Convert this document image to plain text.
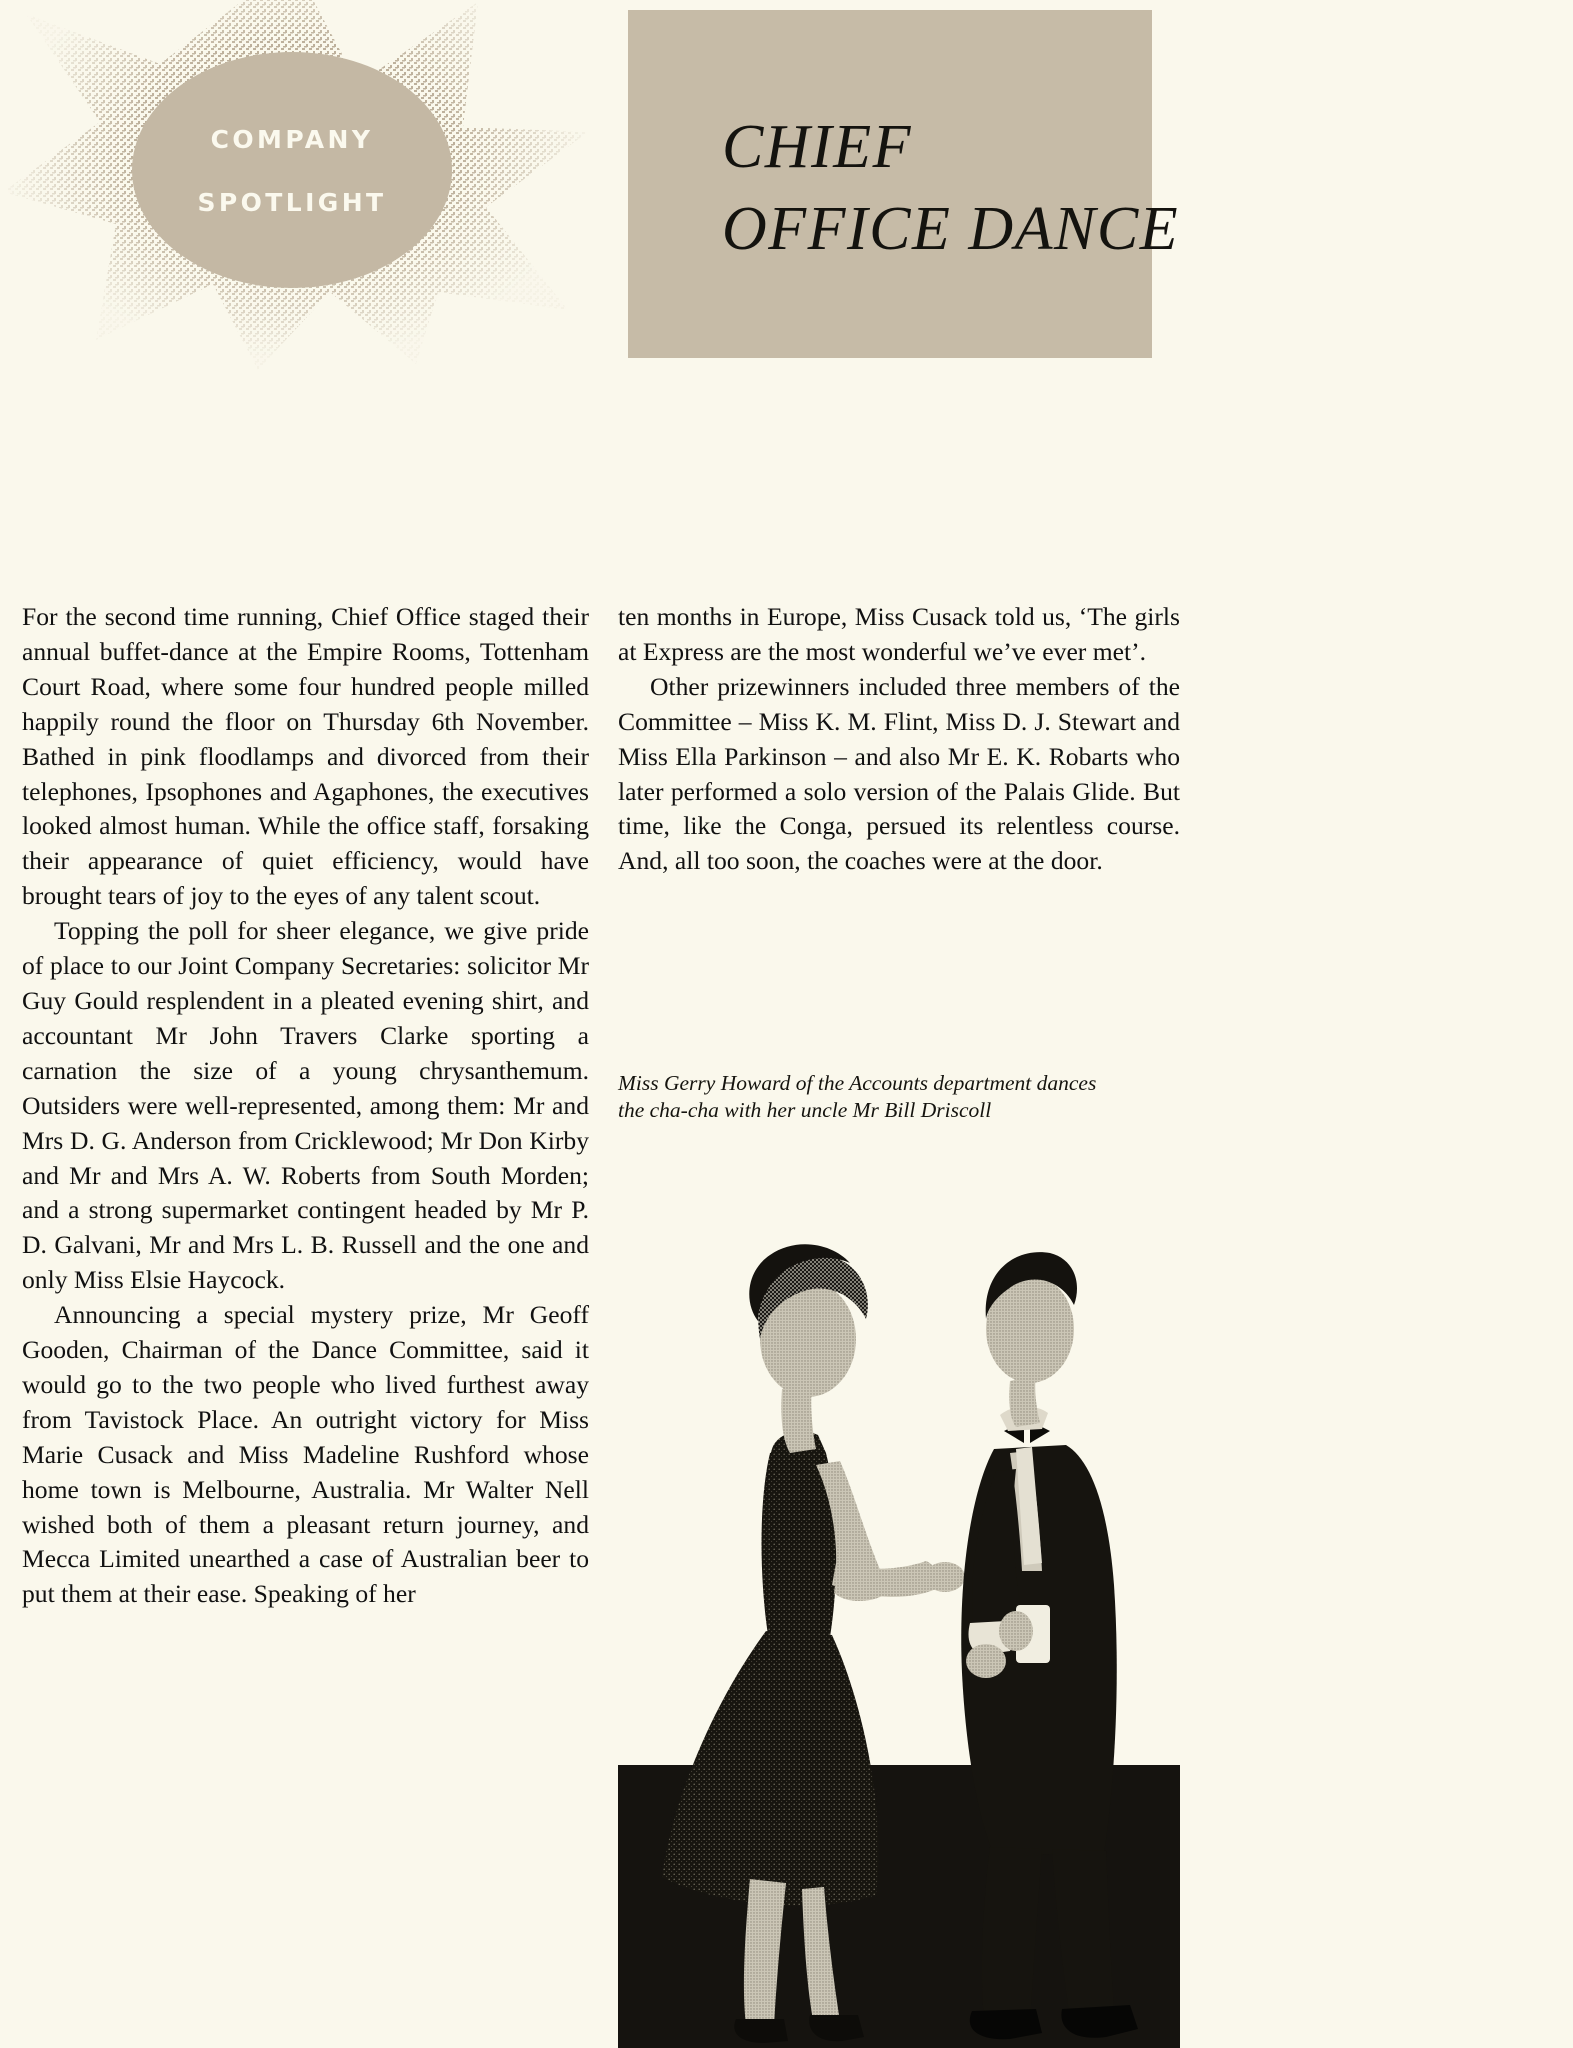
COMPANY
SPOTLIGHT
CHIEF
OFFICE DANCE

For the second time running, Chief Office staged their annual buffet-dance at the Empire Rooms, Tottenham Court Road, where some four hundred people milled happily round the floor on Thursday 6th November. Bathed in pink floodlamps and divorced from their telephones, Ipsophones and Agaphones, the executives looked almost human. While the office staff, forsaking their appearance of quiet efficiency, would have brought tears of joy to the eyes of any talent scout.

Topping the poll for sheer elegance, we give pride of place to our Joint Company Secretaries: solicitor Mr Guy Gould resplendent in a pleated evening shirt, and accountant Mr John Travers Clarke sporting a carnation the size of a young chrysanthemum. Outsiders were well-represented, among them: Mr and Mrs D. G. Anderson from Cricklewood; Mr Don Kirby and Mr and Mrs A. W. Roberts from South Morden; and a strong supermarket contingent headed by Mr P. D. Galvani, Mr and Mrs L. B. Russell and the one and only Miss Elsie Haycock.

Announcing a special mystery prize, Mr Geoff Gooden, Chairman of the Dance Committee, said it would go to the two people who lived furthest away from Tavistock Place. An outright victory for Miss Marie Cusack and Miss Madeline Rushford whose home town is Melbourne, Australia. Mr Walter Nell wished both of them a pleasant return journey, and Mecca Limited unearthed a case of Australian beer to put them at their ease. Speaking of her

ten months in Europe, Miss Cusack told us, ‘The girls at Express are the most wonderful we’ve ever met’.

Other prizewinners included three members of the Committee – Miss K. M. Flint, Miss D. J. Stewart and Miss Ella Parkinson – and also Mr E. K. Robarts who later performed a solo version of the Palais Glide. But time, like the Conga, persued its relentless course. And, all too soon, the coaches were at the door.

Miss Gerry Howard of the Accounts department dances
the cha-cha with her uncle Mr Bill Driscoll
